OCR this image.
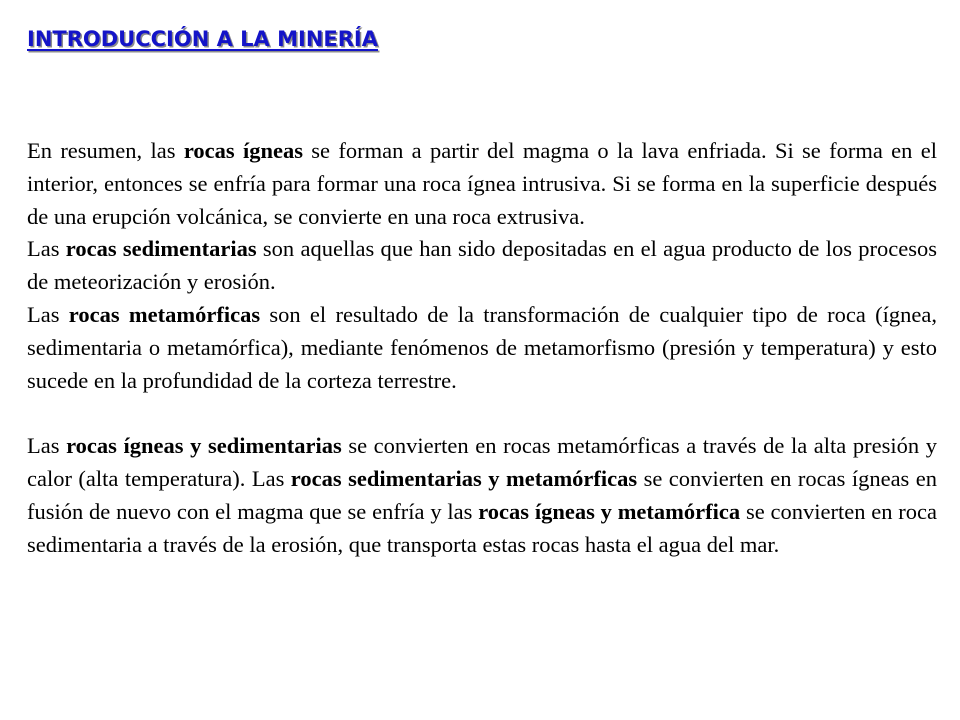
INTRODUCCIÓN A LA MINERÍA

En resumen, las rocas ígneas se forman a partir del magma o la lava enfriada. Si se forma en el interior, entonces se enfría para formar una roca ígnea intrusiva. Si se forma en la superficie después de una erupción volcánica, se convierte en una roca extrusiva.

Las rocas sedimentarias son aquellas que han sido depositadas en el agua producto de los procesos de meteorización y erosión.

Las rocas metamórficas son el resultado de la transformación de cualquier tipo de roca (ígnea, sedimentaria o metamórfica), mediante fenómenos de metamorfismo (presión y temperatura) y esto sucede en la profundidad de la corteza terrestre.

Las rocas ígneas y sedimentarias se convierten en rocas metamórficas a través de la alta presión y calor (alta temperatura). Las rocas sedimentarias y metamórficas se convierten en rocas ígneas en fusión de nuevo con el magma que se enfría y las rocas ígneas y metamórfica se convierten en roca sedimentaria a través de la erosión, que transporta estas rocas hasta el agua del mar.
